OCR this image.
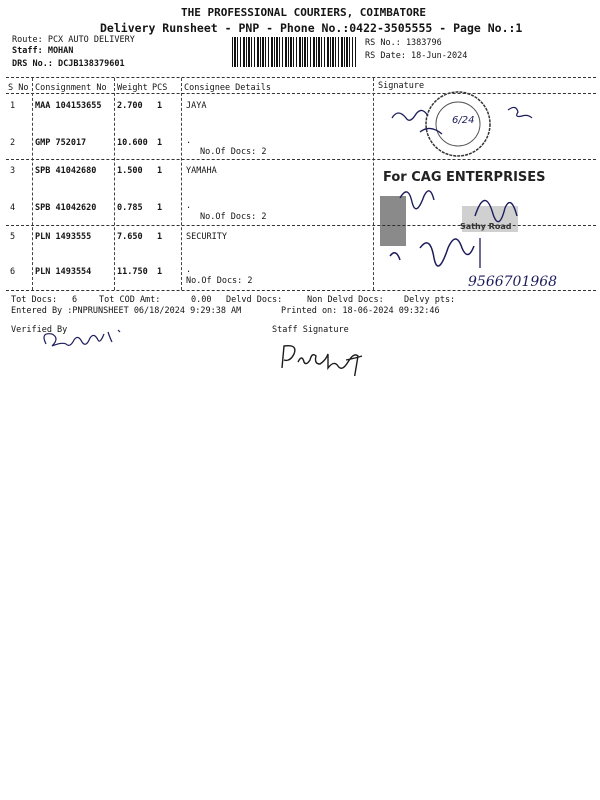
THE PROFESSIONAL COURIERS, COIMBATORE
Delivery Runsheet - PNP - Phone No.:0422-3505555 - Page No.:1
Route: PCX AUTO DELIVERY
Staff: MOHAN
DRS No.: DCJB138379601
RS No.: 1383796
RS Date: 18-Jun-2024
S No Consignment No Weight PCS Consignee Details	Signature
1 MAA 104153655 2.700 1	JAYA
2 GMP 752017	10.600 1	.
No.Of Docs: 2
3 SPB 41042680 1.500 1	YAMAHA
4 SPB 41042620 0.785 1	.
No.Of Docs: 2
5 PLN 1493555	7.650 1	SECURITY
6 PLN 1493554	11.750 1	.
No.Of Docs: 2
For CAG ENTERPRISES
Sathy Road
9566701968
6/24
Tot Docs: 6	Tot COD Amt:	0.00 Delvd Docs:	Non Delvd Docs: Delvy pts:
Entered By :PNPRUNSHEET 06/18/2024 9:29:38 AM	Printed on: 18-06-2024 09:32:46
Verified By	Staff Signature
